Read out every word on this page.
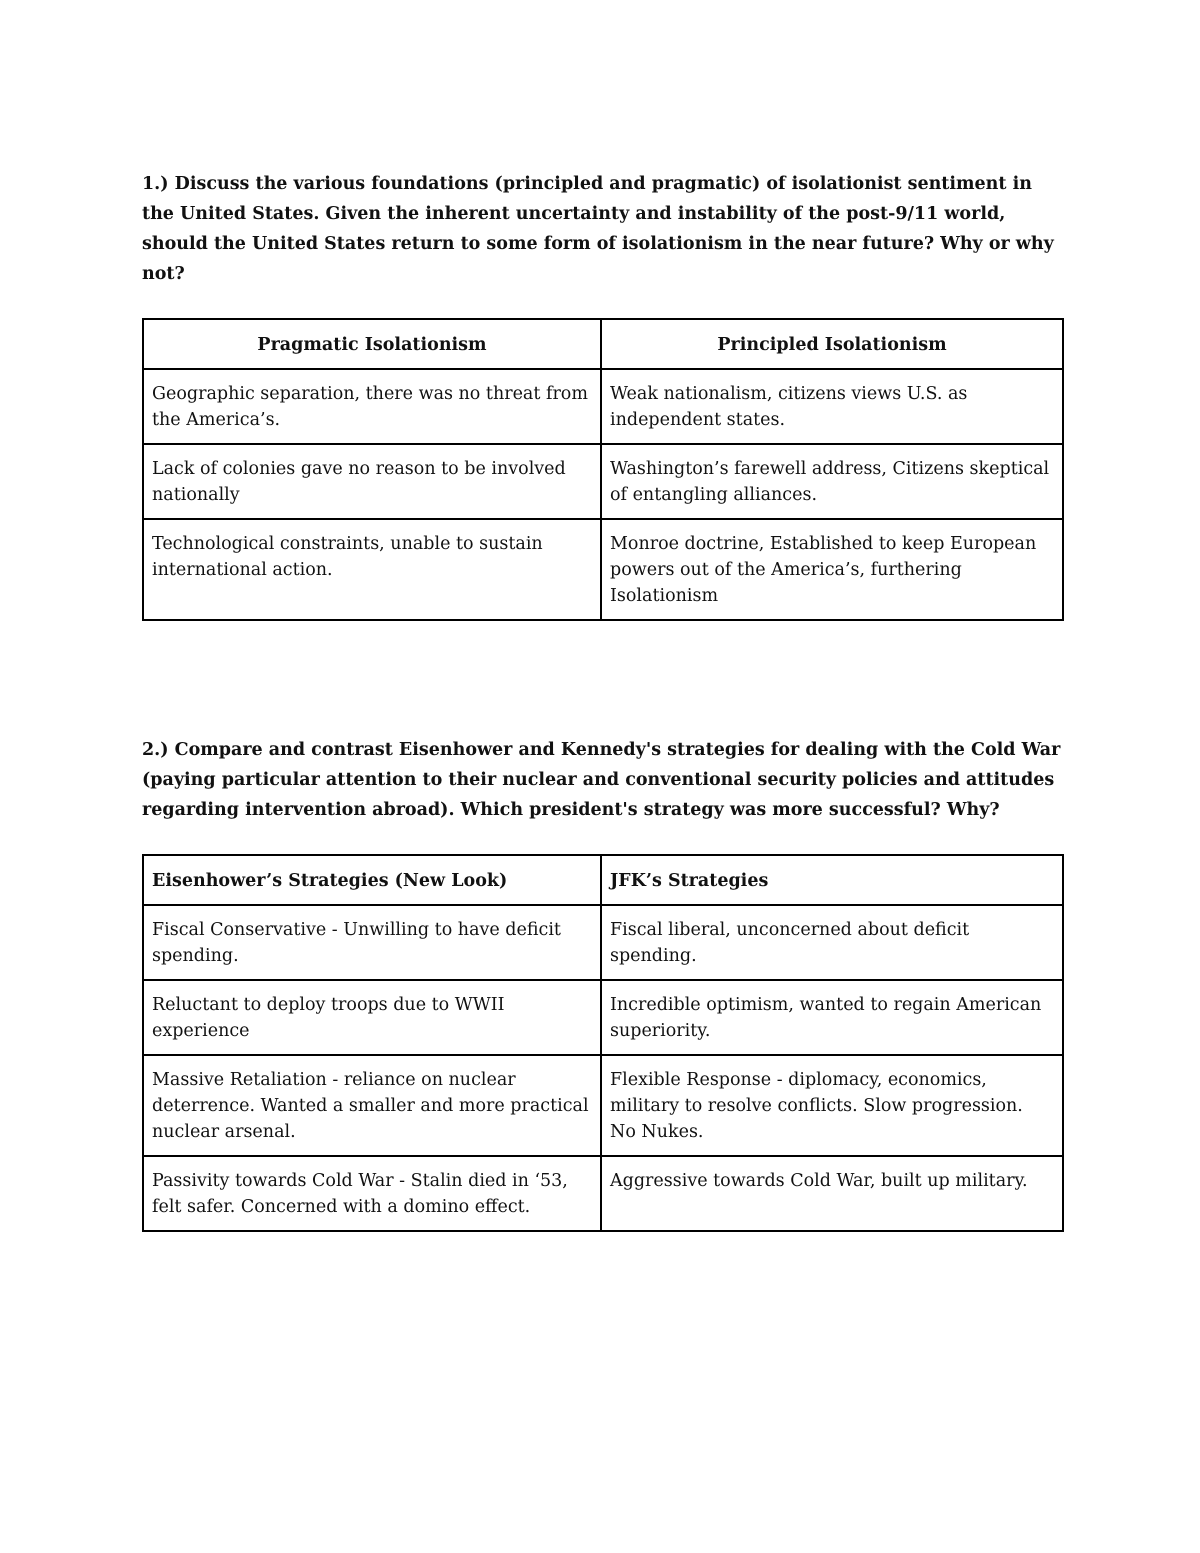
1.) Discuss the various foundations (principled and pragmatic) of isolationist sentiment in the United States. Given the inherent uncertainty and instability of the post-9/11 world, should the United States return to some form of isolationism in the near future? Why or why not?

Pragmatic Isolationism	Principled Isolationism
Geographic separation, there was no threat from the America’s.	Weak nationalism, citizens views U.S. as independent states.
Lack of colonies gave no reason to be involved nationally	Washington’s farewell address, Citizens skeptical of entangling alliances.
Technological constraints, unable to sustain international action.	Monroe doctrine, Established to keep European powers out of the America’s, furthering Isolationism

2.) Compare and contrast Eisenhower and Kennedy's strategies for dealing with the Cold War (paying particular attention to their nuclear and conventional security policies and attitudes regarding intervention abroad). Which president's strategy was more successful? Why?

Eisenhower’s Strategies (New Look)	JFK’s Strategies
Fiscal Conservative - Unwilling to have deficit spending.	Fiscal liberal, unconcerned about deficit spending.
Reluctant to deploy troops due to WWII experience	Incredible optimism, wanted to regain American superiority.
Massive Retaliation - reliance on nuclear deterrence. Wanted a smaller and more practical nuclear arsenal.	Flexible Response - diplomacy, economics, military to resolve conflicts. Slow progression. No Nukes.
Passivity towards Cold War - Stalin died in ‘53, felt safer. Concerned with a domino effect.	Aggressive towards Cold War, built up military.
